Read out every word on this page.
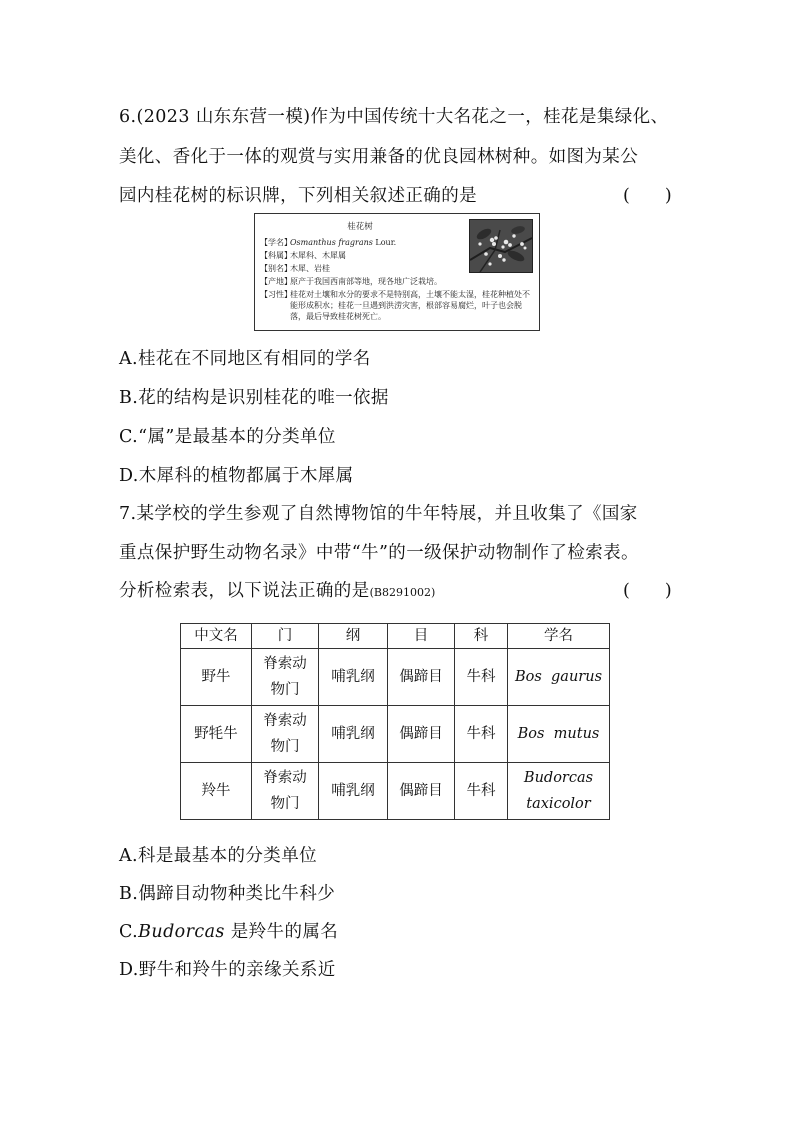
6.(2023 山东东营一模)作为中国传统十大名花之一，桂花是集绿化、
美化、香化于一体的观赏与实用兼备的优良园林树种。如图为某公
园内桂花树的标识牌，下列相关叙述正确的是	(　　)
桂花树
【学名】Osmanthus fragrans Lour.
【科属】木犀科、木犀属
【别名】木犀、岩桂
【产地】原产于我国西南部等地，现各地广泛栽培。
【习性】桂花对土壤和水分的要求不是特别高，土壤不能太湿，桂花种植处不能形成积水；桂花一旦遇到洪涝灾害，根部容易腐烂，叶子也会脱落，最后导致桂花树死亡。
A.桂花在不同地区有相同的学名
B.花的结构是识别桂花的唯一依据
C.“属”是最基本的分类单位
D.木犀科的植物都属于木犀属
7.某学校的学生参观了自然博物馆的牛年特展，并且收集了《国家
重点保护野生动物名录》中带“牛”的一级保护动物制作了检索表。
分析检索表，以下说法正确的是(B8291002)	(　　)
中文名	门	纲	目	科	学名
野牛	脊索动物门	哺乳纲	偶蹄目	牛科	Bos  gaurus
野牦牛	脊索动物门	哺乳纲	偶蹄目	牛科	Bos  mutus
羚牛	脊索动物门	哺乳纲	偶蹄目	牛科	Budorcas taxicolor
A.科是最基本的分类单位
B.偶蹄目动物种类比牛科少
C.Budorcas 是羚牛的属名
D.野牛和羚牛的亲缘关系近
